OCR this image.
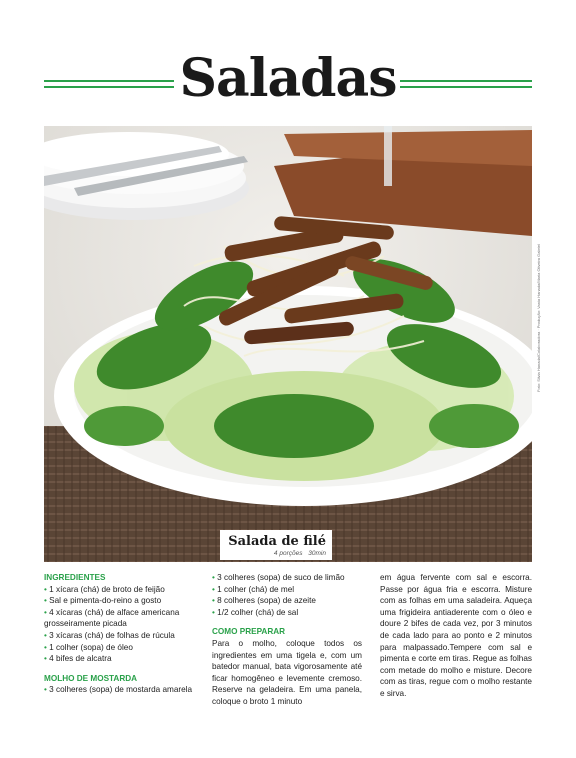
Saladas
Foto: Silvia Hanada/Colaboradora · Produção: Vania Hanada/Maria Oliveira Gabriel
Salada de filé
4 porções 30min
INGREDIENTES
• 1 xícara (chá) de broto de feijão
• Sal e pimenta-do-reino a gosto
• 4 xícaras (chá) de alface americana grosseiramente picada
• 3 xícaras (chá) de folhas de rúcula
• 1 colher (sopa) de óleo
• 4 bifes de alcatra
MOLHO DE MOSTARDA
• 3 colheres (sopa) de mostarda amarela
• 3 colheres (sopa) de suco de limão
• 1 colher (chá) de mel
• 8 colheres (sopa) de azeite
• 1/2 colher (chá) de sal
COMO PREPARAR

Para o molho, coloque todos os ingredientes em uma tigela e, com um batedor manual, bata vigorosamente até ficar homogêneo e levemente cremoso. Reserve na geladeira. Em uma panela, coloque o broto 1 minuto

em água fervente com sal e escorra. Passe por água fria e escorra. Misture com as folhas em uma saladeira. Aqueça uma frigideira antiaderente com o óleo e doure 2 bifes de cada vez, por 3 minutos de cada lado para ao ponto e 2 minutos para malpassado.Tempere com sal e pimenta e corte em tiras. Regue as folhas com metade do molho e misture. Decore com as tiras, regue com o molho restante e sirva.
